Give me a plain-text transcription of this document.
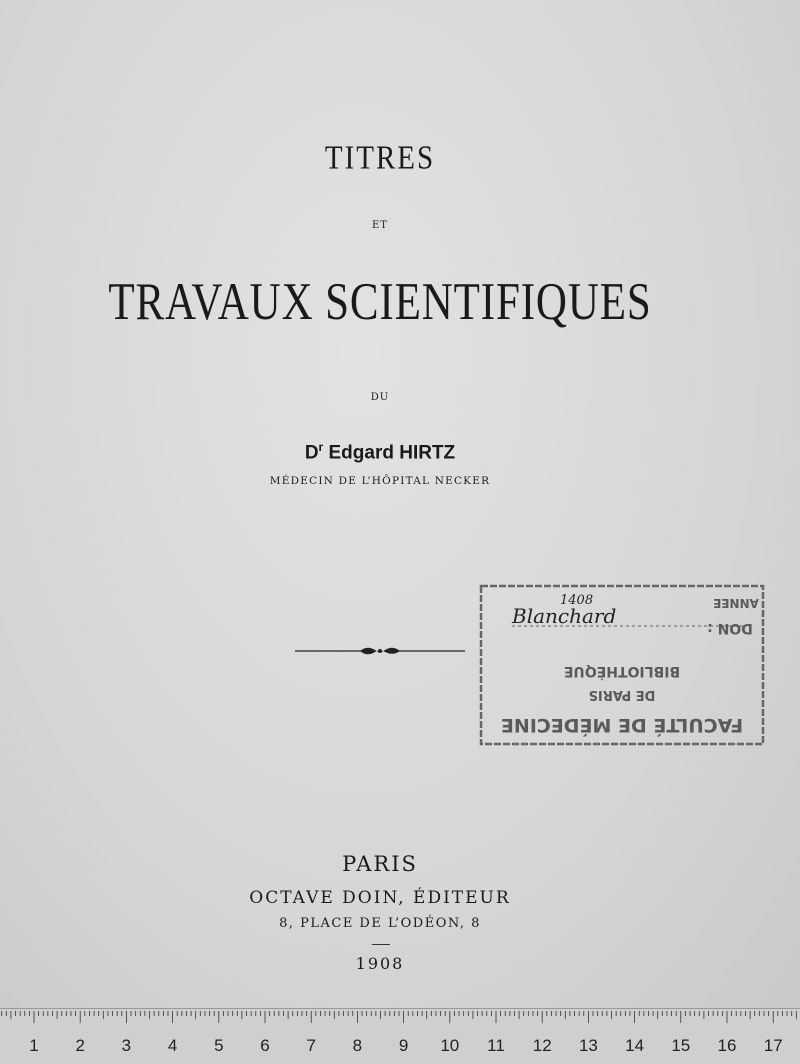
TITRES
ET
TRAVAUX SCIENTIFIQUES
DU
$D^r$ Edgard HIRTZ
MÉDECIN DE L’HÔPITAL NECKER
PARIS
OCTAVE DOIN, ÉDITEUR
8, PLACE DE L’ODÉON, 8
1908
FACULTÉ DE MÉDECINE
DE PARIS
BIBLIOTHÈQUE
DON :
ANNEE
Blanchard
1408
1 2 3 4 5 6 7 8 9 10 11 12 13 14 15 16 17
